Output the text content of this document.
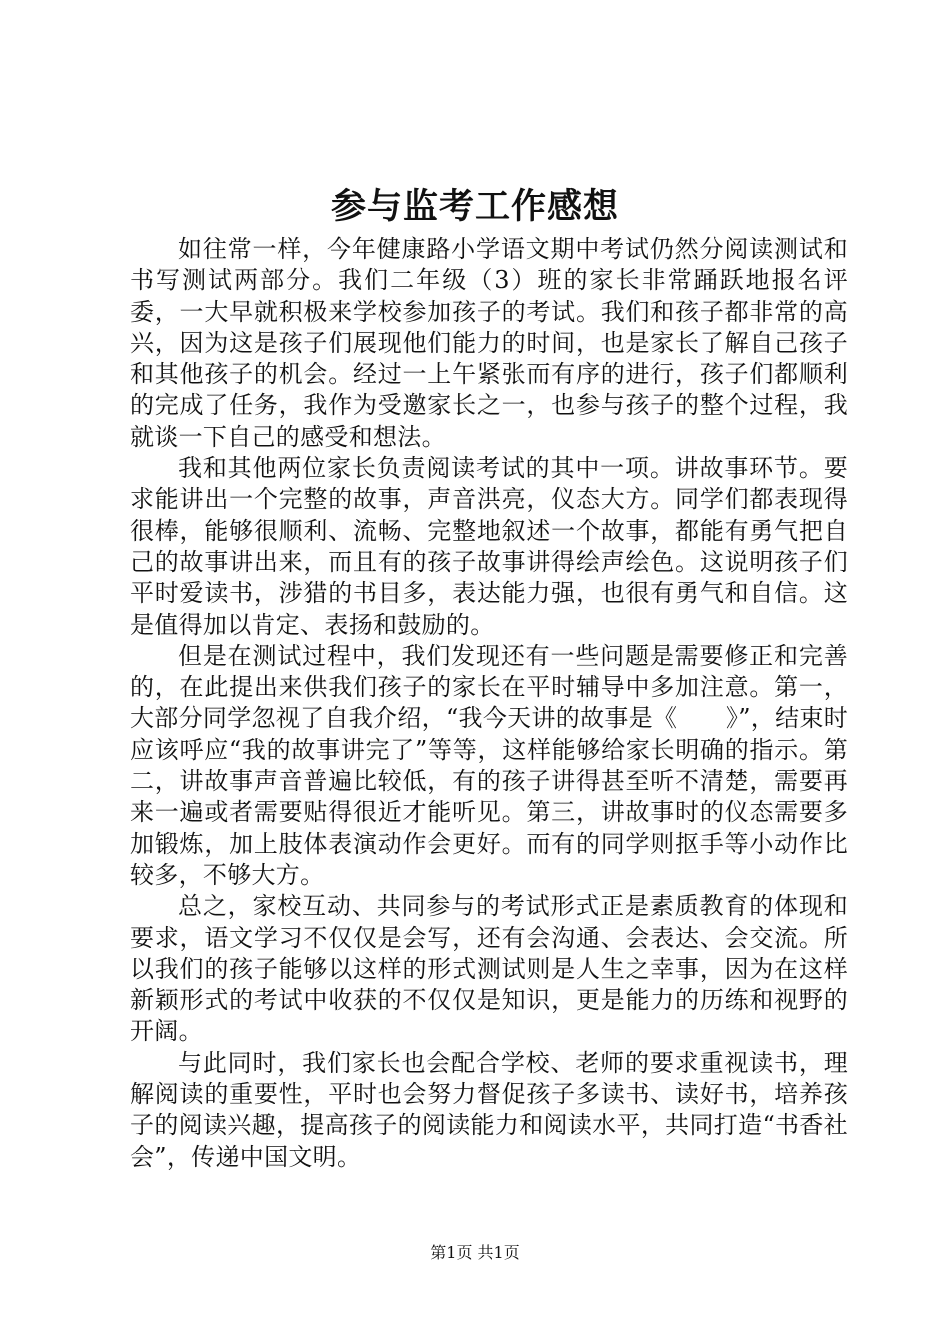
参与监考工作感想

如往常一样，今年健康路小学语文期中考试仍然分阅读测试和书写测试两部分。我们二年级（3）班的家长非常踊跃地报名评委，一大早就积极来学校参加孩子的考试。我们和孩子都非常的高兴，因为这是孩子们展现他们能力的时间，也是家长了解自己孩子和其他孩子的机会。经过一上午紧张而有序的进行，孩子们都顺利的完成了任务，我作为受邀家长之一，也参与孩子的整个过程，我就谈一下自己的感受和想法。

我和其他两位家长负责阅读考试的其中一项。讲故事环节。要求能讲出一个完整的故事，声音洪亮，仪态大方。同学们都表现得很棒，能够很顺利、流畅、完整地叙述一个故事，都能有勇气把自己的故事讲出来，而且有的孩子故事讲得绘声绘色。这说明孩子们平时爱读书，涉猎的书目多，表达能力强，也很有勇气和自信。这是值得加以肯定、表扬和鼓励的。

但是在测试过程中，我们发现还有一些问题是需要修正和完善的，在此提出来供我们孩子的家长在平时辅导中多加注意。第一，大部分同学忽视了自我介绍，“我今天讲的故事是《　　》”，结束时应该呼应“我的故事讲完了”等等，这样能够给家长明确的指示。第二，讲故事声音普遍比较低，有的孩子讲得甚至听不清楚，需要再来一遍或者需要贴得很近才能听见。第三，讲故事时的仪态需要多加锻炼，加上肢体表演动作会更好。而有的同学则抠手等小动作比较多，不够大方。

总之，家校互动、共同参与的考试形式正是素质教育的体现和要求，语文学习不仅仅是会写，还有会沟通、会表达、会交流。所以我们的孩子能够以这样的形式测试则是人生之幸事，因为在这样新颖形式的考试中收获的不仅仅是知识，更是能力的历练和视野的开阔。

与此同时，我们家长也会配合学校、老师的要求重视读书，理解阅读的重要性，平时也会努力督促孩子多读书、读好书，培养孩子的阅读兴趣，提高孩子的阅读能力和阅读水平，共同打造“书香社会”，传递中国文明。

第1页 共1页
